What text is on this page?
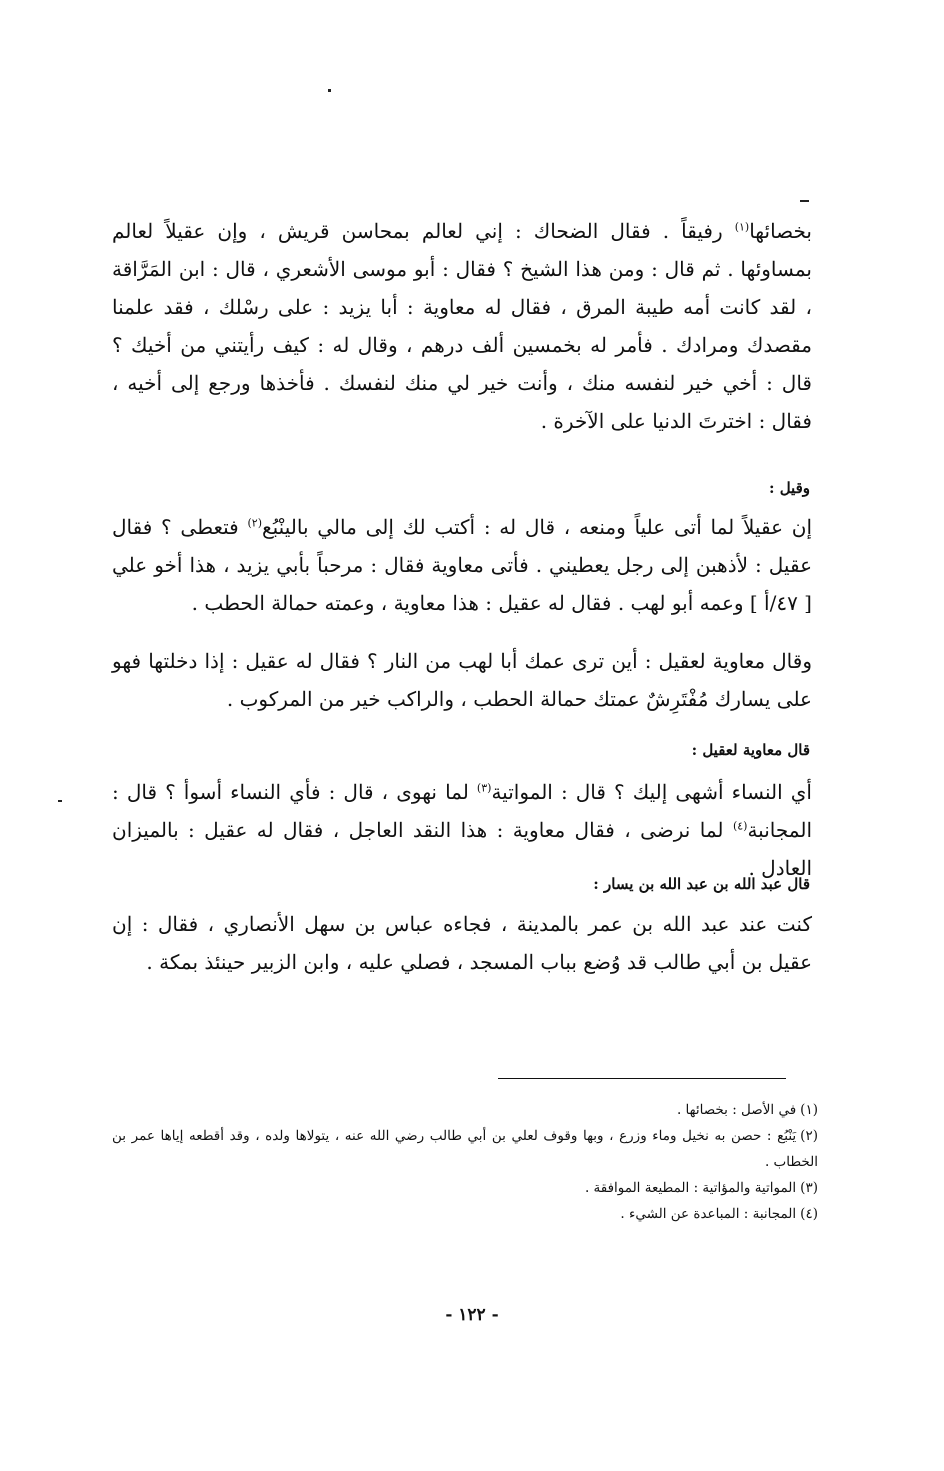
بخصائها$^{(١)}$ رفيقاً . فقال الضحاك : إني لعالم بمحاسن قريش ، وإن عقيلاً لعالم بمساوئها . ثم قال : ومن هذا الشيخ ؟ فقال : أبو موسى الأشعري ، قال : ابن المَرَّاقة ، لقد كانت أمه طيبة المرق ، فقال له معاوية : أبا يزيد : على رسْلك ، فقد علمنا مقصدك ومرادك . فأمر له بخمسين ألف درهم ، وقال له : كيف رأيتني من أخيك ؟ قال : أخي خير لنفسه منك ، وأنت خير لي منك لنفسك . فأخذها ورجع إلى أخيه ، فقال : اخترتَ الدنيا على الآخرة .

وقيل :

إن عقيلاً لما أتى علياً ومنعه ، قال له : أكتب لك إلى مالي بالينْبُع$^{(٢)}$ فتعطى ؟ فقال عقيل : لأذهبن إلى رجل يعطيني . فأتى معاوية فقال : مرحباً بأبي يزيد ، هذا أخو علي [ ٤٧/أ ] وعمه أبو لهب . فقال له عقيل : هذا معاوية ، وعمته حمالة الحطب .

وقال معاوية لعقيل : أين ترى عمك أبا لهب من النار ؟ فقال له عقيل : إذا دخلتها فهو على يسارك مُفْتَرِشٌ عمتك حمالة الحطب ، والراكب خير من المركوب .

قال معاوية لعقيل :

أي النساء أشهى إليك ؟ قال : المواتية$^{(٣)}$ لما نهوى ، قال : فأي النساء أسوأ ؟ قال : المجانبة$^{(٤)}$ لما نرضى ، فقال معاوية : هذا النقد العاجل ، فقال له عقيل : بالميزان العادل .

قال عبد الله بن عبد الله بن يسار :

كنت عند عبد الله بن عمر بالمدينة ، فجاءه عباس بن سهل الأنصاري ، فقال : إن عقيل بن أبي طالب قد وُضع بباب المسجد ، فصلي عليه ، وابن الزبير حينئذ بمكة .

(١)في الأصل : بخصائها .

(٢)يَنْبُع : حصن به نخيل وماء وزرع ، وبها وقوف لعلي بن أبي طالب رضي الله عنه ، يتولاها ولده ، وقد أقطعه إياها عمر بن الخطاب .

(٣)المواتية والمؤاتية : المطيعة الموافقة .

(٤)المجانبة : المباعدة عن الشيء .

- ١٢٢ -
